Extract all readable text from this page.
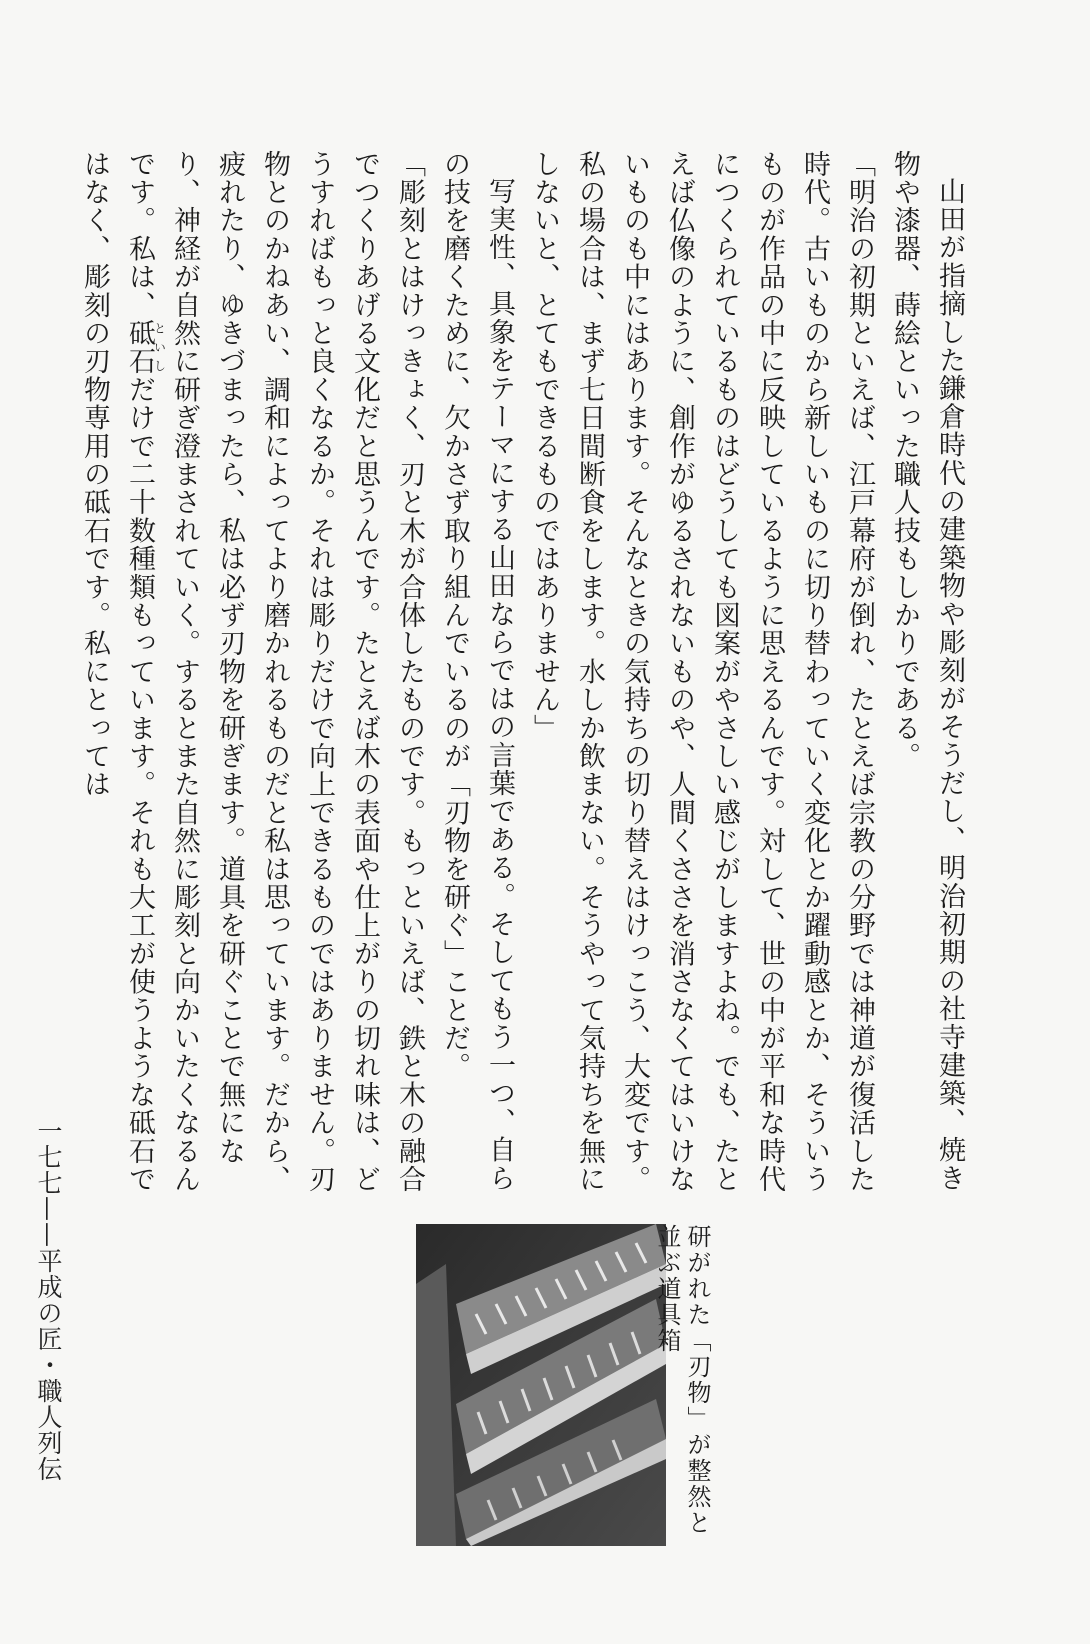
山田が指摘した鎌倉時代の建築物や彫刻がそうだし、明治初期の社寺建築、焼き物や漆器、蒔絵といった職人技もしかりである。

「明治の初期といえば、江戸幕府が倒れ、たとえば宗教の分野では神道が復活した時代。古いものから新しいものに切り替わっていく変化とか躍動感とか、そういうものが作品の中に反映しているように思えるんです。対して、世の中が平和な時代につくられているものはどうしても図案がやさしい感じがしますよね。でも、たとえば仏像のように、創作がゆるされないものや、人間くささを消さなくてはいけないものも中にはあります。そんなときの気持ちの切り替えはけっこう、大変です。私の場合は、まず七日間断食をします。水しか飲まない。そうやって気持ちを無にしないと、とてもできるものではありません」

写実性、具象をテーマにする山田ならではの言葉である。そしてもう一つ、自らの技を磨くために、欠かさず取り組んでいるのが「刃物を研ぐ」ことだ。

「彫刻とはけっきょく、刃と木が合体したものです。もっといえば、鉄と木の融合でつくりあげる文化だと思うんです。たとえば木の表面や仕上がりの切れ味は、どうすればもっと良くなるか。それは彫りだけで向上できるものではありません。刃物とのかねあい、調和によってより磨かれるものだと私は思っています。だから、疲れたり、ゆきづまったら、私は必ず刃物を研ぎます。道具を研ぐことで無になり、神経が自然に研ぎ澄まされていく。するとまた自然に彫刻と向かいたくなるんです。私は、砥石といしだけで二十数種類もっています。それも大工が使うような砥石ではなく、彫刻の刃物専用の砥石です。私にとっては

研がれた「刃物」が整然と並ぶ道具箱
一七七——平成の匠・職人列伝
